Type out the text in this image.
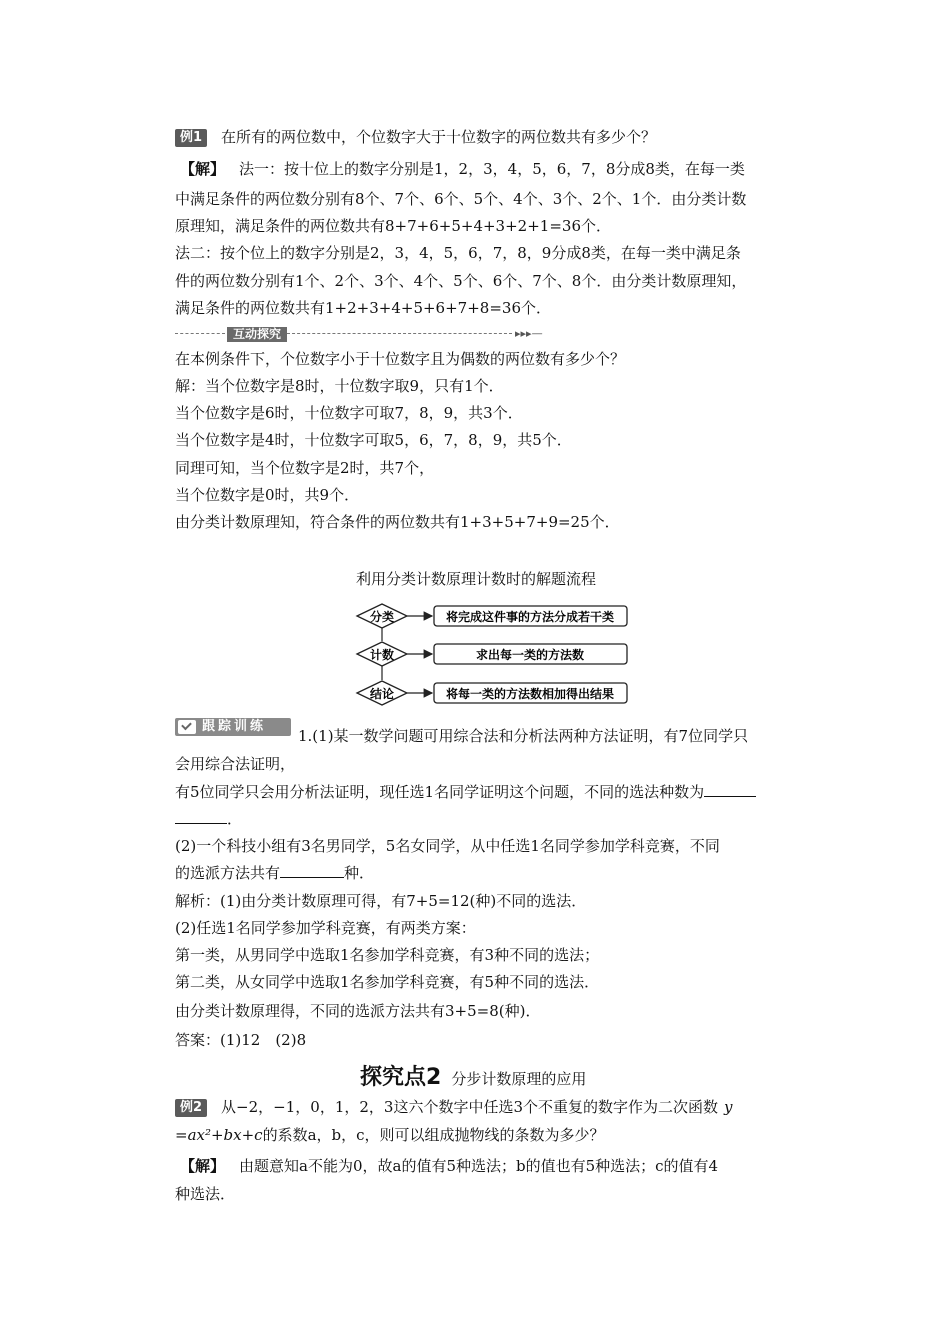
例1 在所有的两位数中，个位数字大于十位数字的两位数共有多少个？
【解】 法一：按十位上的数字分别是1，2，3，4，5，6，7，8分成8类，在每一类
中满足条件的两位数分别有8个、7个、6个、5个、4个、3个、2个、1个．由分类计数
原理知，满足条件的两位数共有8+7+6+5+4+3+2+1=36个．
法二：按个位上的数字分别是2，3，4，5，6，7，8，9分成8类，在每一类中满足条
件的两位数分别有1个、2个、3个、4个、5个、6个、7个、8个．由分类计数原理知，
满足条件的两位数共有1+2+3+4+5+6+7+8=36个．
互动探究	▸▸▸—
在本例条件下，个位数字小于十位数字且为偶数的两位数有多少个？
解：当个位数字是8时，十位数字取9，只有1个．
当个位数字是6时，十位数字可取7，8，9，共3个．
当个位数字是4时，十位数字可取5，6，7，8，9，共5个．
同理可知，当个位数字是2时，共7个，
当个位数字是0时，共9个．
由分类计数原理知，符合条件的两位数共有1+3+5+7+9=25个．
利用分类计数原理计数时的解题流程
分类
计数
结论
将完成这件事的方法分成若干类
求出每一类的方法数
将每一类的方法数相加得出结果
跟踪训练
1.(1)某一数学问题可用综合法和分析法两种方法证明，有7位同学只
会用综合法证明，
有5位同学只会用分析法证明，现任选1名同学证明这个问题，不同的选法种数为
．
(2)一个科技小组有3名男同学，5名女同学，从中任选1名同学参加学科竞赛，不同
的选派方法共有	种．
解析：(1)由分类计数原理可得，有7+5=12(种)不同的选法．
(2)任选1名同学参加学科竞赛，有两类方案：
第一类，从男同学中选取1名参加学科竞赛，有3种不同的选法；
第二类，从女同学中选取1名参加学科竞赛，有5种不同的选法．
由分类计数原理得，不同的选派方法共有3+5=8(种)．
答案：(1)12　(2)8
探究点2 分步计数原理的应用
例2 从−2，−1，0，1，2，3这六个数字中任选3个不重复的数字作为二次函数 y
=ax²+bx+c的系数a，b，c，则可以组成抛物线的条数为多少？
【解】 由题意知a不能为0，故a的值有5种选法；b的值也有5种选法；c的值有4
种选法．
